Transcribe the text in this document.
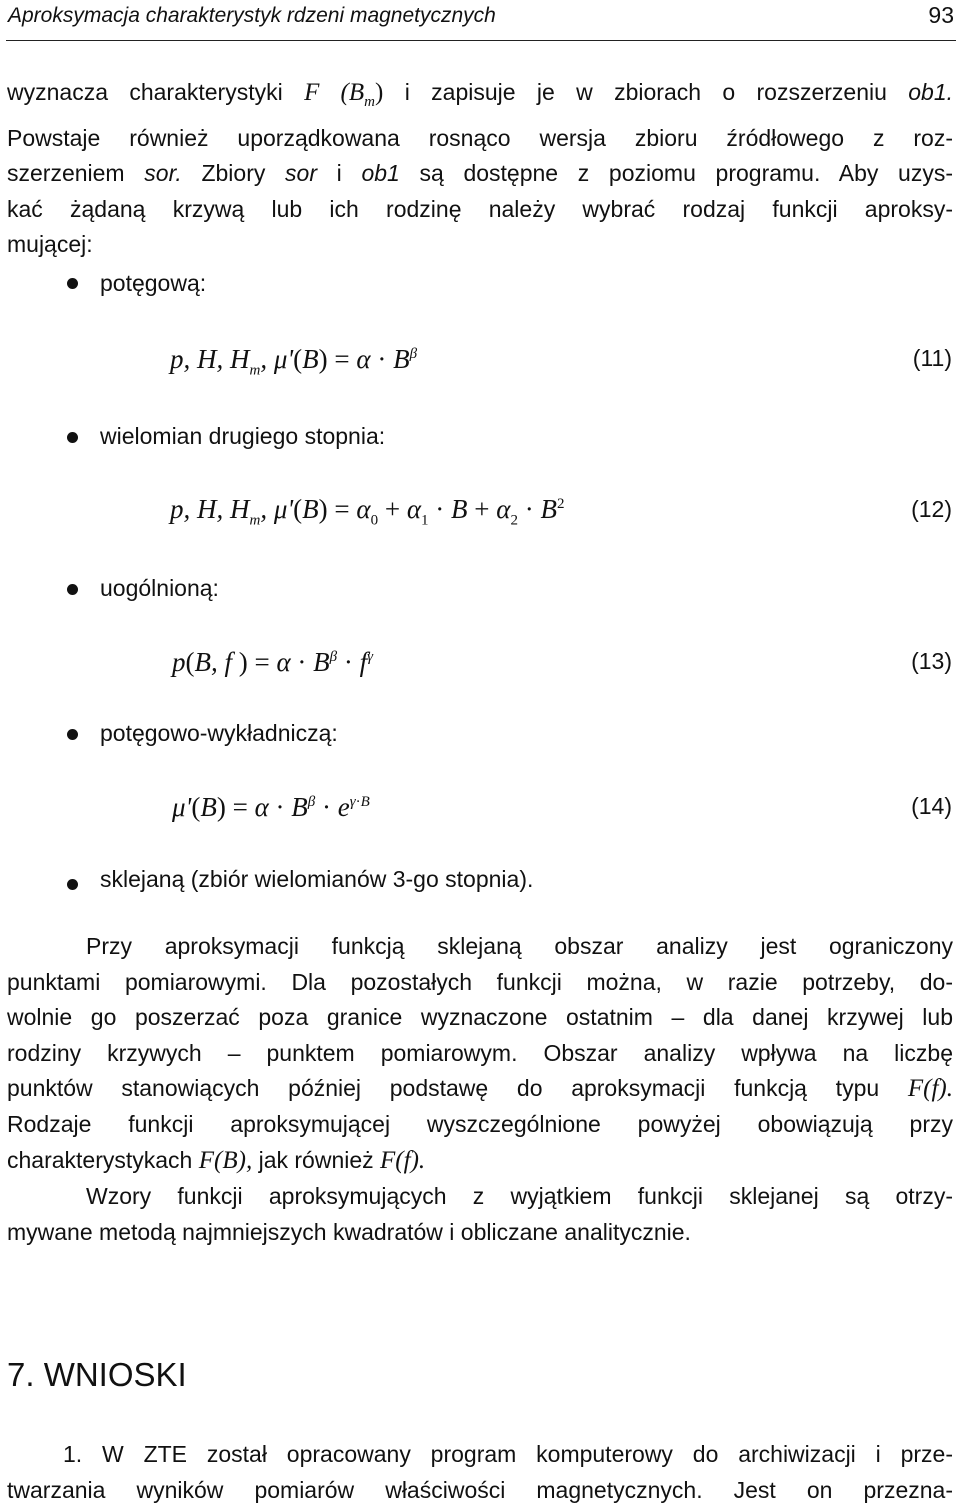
Aproksymacja charakterystyk rdzeni magnetycznych	93
wyznacza charakterystyki F $(B_m)$ i zapisuje je w zbiorach o rozszerzeniu ob1.
Powstaje również uporządkowana rosnąco wersja zbioru źródłowego z roz-
szerzeniem sor. Zbiory sor i ob1 są dostępne z poziomu programu. Aby uzys-
kać żądaną krzywą lub ich rodzinę należy wybrać rodzaj funkcji aproksy-
mującej:
potęgową:
p, H, $H_m$, $\mu'(B) = \alpha \cdot B^\beta$	(11)
wielomian drugiego stopnia:
p, H, $H_m$, $\mu'(B) = \alpha_0 + \alpha_1 \cdot B + \alpha_2 \cdot B^2$	(12)
uogólnioną:
p(B, f ) = $\alpha \cdot B^\beta \cdot f^\gamma$	(13)
potęgowo-wykładniczą:
$\mu'(B) = \alpha \cdot B^\beta \cdot e^{\gamma\cdot B}$	(14)
sklejaną (zbiór wielomianów 3-go stopnia).
Przy aproksymacji funkcją sklejaną obszar analizy jest ograniczony
punktami pomiarowymi. Dla pozostałych funkcji można, w razie potrzeby, do-
wolnie go poszerzać poza granice wyznaczone ostatnim – dla danej krzywej lub
rodziny krzywych – punktem pomiarowym. Obszar analizy wpływa na liczbę
punktów stanowiących później podstawę do aproksymacji funkcją typu F(f).
Rodzaje funkcji aproksymującej wyszczególnione powyżej obowiązują przy
charakterystykach F(B), jak również F(f).
Wzory funkcji aproksymujących z wyjątkiem funkcji sklejanej są otrzy-
mywane metodą najmniejszych kwadratów i obliczane analitycznie.
7. WNIOSKI
1. W ZTE został opracowany program komputerowy do archiwizacji i prze-
twarzania wyników pomiarów właściwości magnetycznych. Jest on przezna-
